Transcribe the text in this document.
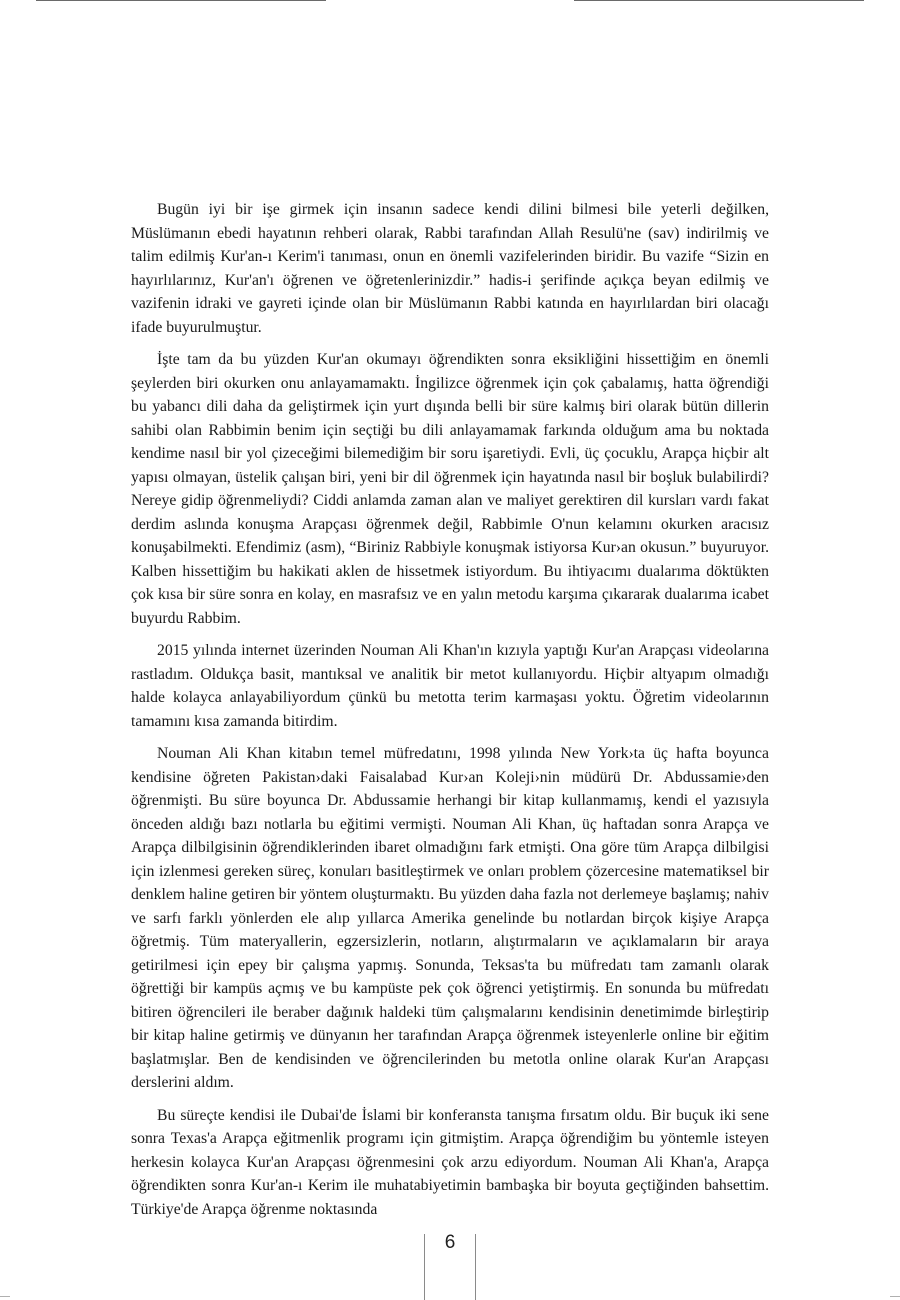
Bugün iyi bir işe girmek için insanın sadece kendi dilini bilmesi bile yeterli değilken, Müslümanın ebedi hayatının rehberi olarak, Rabbi tarafından Allah Resulü'ne (sav) indirilmiş ve talim edilmiş Kur'an-ı Kerim'i tanıması, onun en önemli vazifelerinden biridir. Bu vazife “Sizin en hayırlılarınız, Kur'an'ı öğrenen ve öğretenlerinizdir.” hadis-i şerifinde açıkça beyan edilmiş ve vazifenin idraki ve gayreti içinde olan bir Müslümanın Rabbi katında en hayırlılardan biri olacağı ifade buyurulmuştur.

İşte tam da bu yüzden Kur'an okumayı öğrendikten sonra eksikliğini hissettiğim en önemli şeylerden biri okurken onu anlayamamaktı. İngilizce öğrenmek için çok çabalamış, hatta öğrendiği bu yabancı dili daha da geliştirmek için yurt dışında belli bir süre kalmış biri olarak bütün dillerin sahibi olan Rabbimin benim için seçtiği bu dili anlayamamak farkında olduğum ama bu noktada kendime nasıl bir yol çizeceğimi bilemediğim bir soru işaretiydi. Evli, üç çocuklu, Arapça hiçbir alt yapısı olmayan, üstelik çalışan biri, yeni bir dil öğrenmek için hayatında nasıl bir boşluk bulabilirdi? Nereye gidip öğrenmeliydi? Ciddi anlamda zaman alan ve maliyet gerektiren dil kursları vardı fakat derdim aslında konuşma Arapçası öğrenmek değil, Rabbimle O'nun kelamını okurken aracısız konuşabilmekti. Efendimiz (asm), “Biriniz Rabbiyle konuşmak istiyorsa Kur›an okusun.” buyuruyor. Kalben hissettiğim bu hakikati aklen de hissetmek istiyordum. Bu ihtiyacımı dualarıma döktükten çok kısa bir süre sonra en kolay, en masrafsız ve en yalın metodu karşıma çıkararak dualarıma icabet buyurdu Rabbim.

2015 yılında internet üzerinden Nouman Ali Khan'ın kızıyla yaptığı Kur'an Arapçası videolarına rastladım. Oldukça basit, mantıksal ve analitik bir metot kullanıyordu. Hiçbir altyapım olmadığı halde kolayca anlayabiliyordum çünkü bu metotta terim karmaşası yoktu. Öğretim videolarının tamamını kısa zamanda bitirdim.

Nouman Ali Khan kitabın temel müfredatını, 1998 yılında New York›ta üç hafta boyunca kendisine öğreten Pakistan›daki Faisalabad Kur›an Koleji›nin müdürü Dr. Abdussamie›den öğrenmişti. Bu süre boyunca Dr. Abdussamie herhangi bir kitap kullanmamış, kendi el yazısıyla önceden aldığı bazı notlarla bu eğitimi vermişti. Nouman Ali Khan, üç haftadan sonra Arapça ve Arapça dilbilgisinin öğrendiklerinden ibaret olmadığını fark etmişti. Ona göre tüm Arapça dilbilgisi için izlenmesi gereken süreç, konuları basitleştirmek ve onları problem çözercesine matematiksel bir denklem haline getiren bir yöntem oluşturmaktı. Bu yüzden daha fazla not derlemeye başlamış; nahiv ve sarfı farklı yönlerden ele alıp yıllarca Amerika genelinde bu notlardan birçok kişiye Arapça öğretmiş. Tüm materyallerin, egzersizlerin, notların, alıştırmaların ve açıklamaların bir araya getirilmesi için epey bir çalışma yapmış. Sonunda, Teksas'ta bu müfredatı tam zamanlı olarak öğrettiği bir kampüs açmış ve bu kampüste pek çok öğrenci yetiştirmiş. En sonunda bu müfredatı bitiren öğrencileri ile beraber dağınık haldeki tüm çalışmalarını kendisinin denetimimde birleştirip bir kitap haline getirmiş ve dünyanın her tarafından Arapça öğrenmek isteyenlerle online bir eğitim başlatmışlar. Ben de kendisinden ve öğrencilerinden bu metotla online olarak Kur'an Arapçası derslerini aldım.

Bu süreçte kendisi ile Dubai'de İslami bir konferansta tanışma fırsatım oldu. Bir buçuk iki sene sonra Texas'a Arapça eğitmenlik programı için gitmiştim. Arapça öğrendiğim bu yöntemle isteyen herkesin kolayca Kur'an Arapçası öğrenmesini çok arzu ediyordum. Nouman Ali Khan'a, Arapça öğrendikten sonra Kur'an-ı Kerim ile muhatabiyetimin bambaşka bir boyuta geçtiğinden bahsettim. Türkiye'de Arapça öğrenme noktasında

6
